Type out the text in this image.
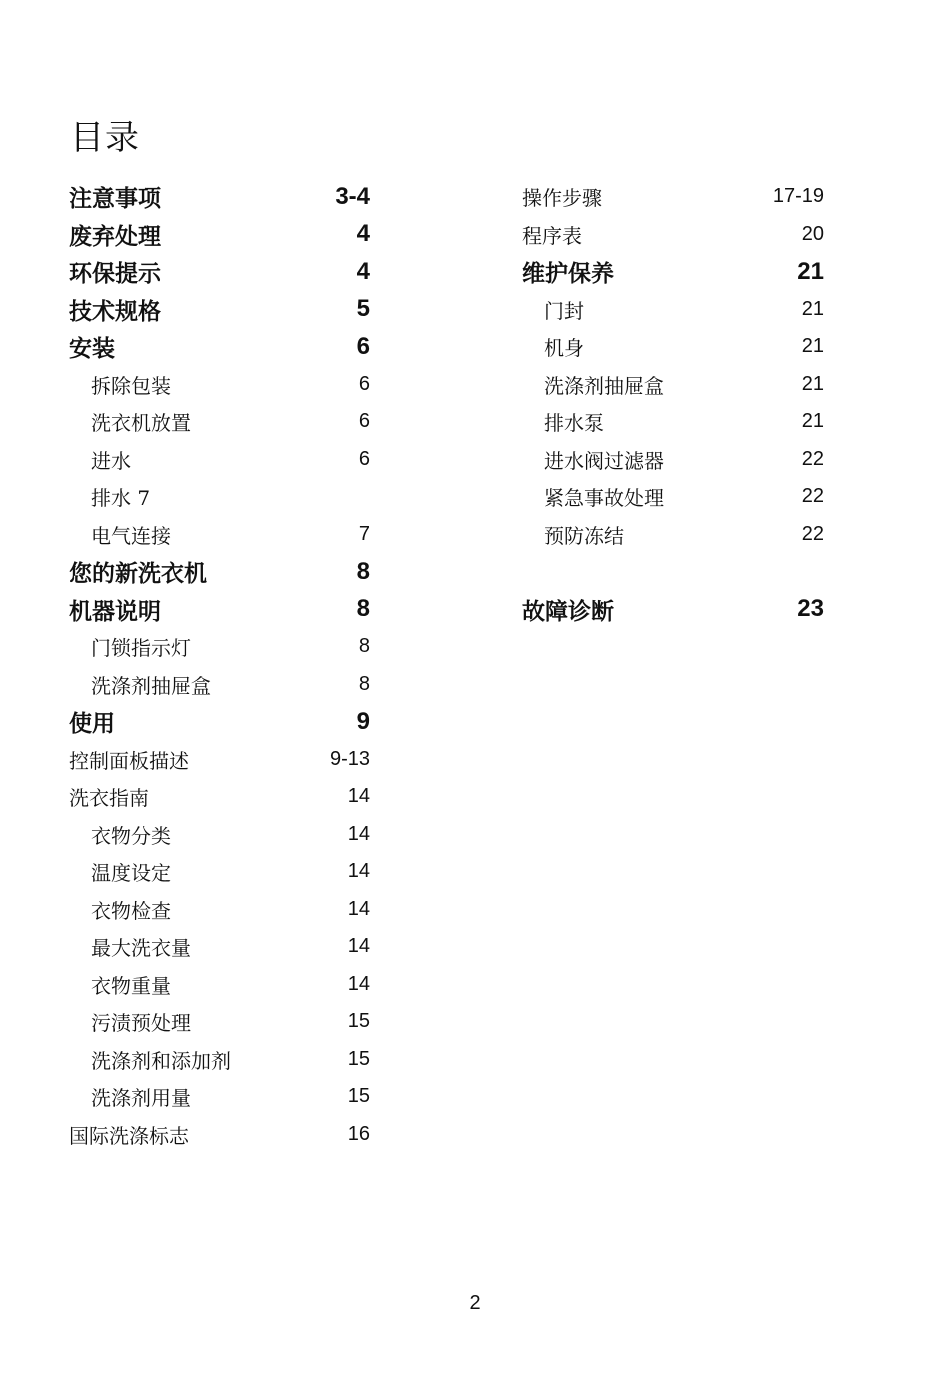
目录
注意事项	3-4
废弃处理	4
环保提示	4
技术规格	5
安装	6
拆除包装	6
洗衣机放置	6
进水	6
排水 7
电气连接	7
您的新洗衣机	8
机器说明	8
门锁指示灯	8
洗涤剂抽屉盒	8
使用	9
控制面板描述	9-13
洗衣指南	14
衣物分类	14
温度设定	14
衣物检查	14
最大洗衣量	14
衣物重量	14
污渍预处理	15
洗涤剂和添加剂	15
洗涤剂用量	15
国际洗涤标志	16
操作步骤	17-19
程序表	20
维护保养	21
门封	21
机身	21
洗涤剂抽屉盒	21
排水泵	21
进水阀过滤器	22
紧急事故处理	22
预防冻结	22
故障诊断	23
2
